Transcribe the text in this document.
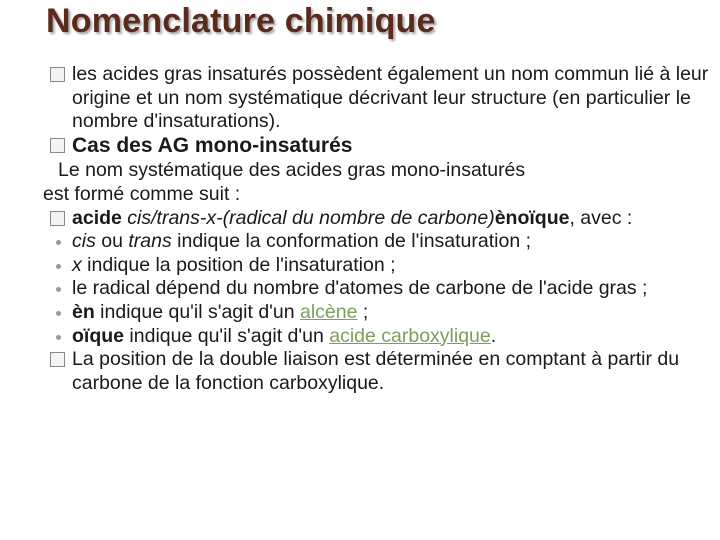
Nomenclature chimique

les acides gras insaturés possèdent également un nom commun lié à leur origine et un nom systématique décrivant leur structure (en particulier le nombre d'insaturations).

Cas des AG mono-insaturés

Le nom systématique des acides gras mono-insaturés
est formé comme suit :

acide cis/trans-x-(radical du nombre de carbone)ènoïque, avec :

cis ou trans indique la conformation de l'insaturation ;

x indique la position de l'insaturation ;

le radical dépend du nombre d'atomes de carbone de l'acide gras ;

èn indique qu'il s'agit d'un alcène ;

oïque indique qu'il s'agit d'un acide carboxylique.

La position de la double liaison est déterminée en comptant à partir du carbone de la fonction carboxylique.
